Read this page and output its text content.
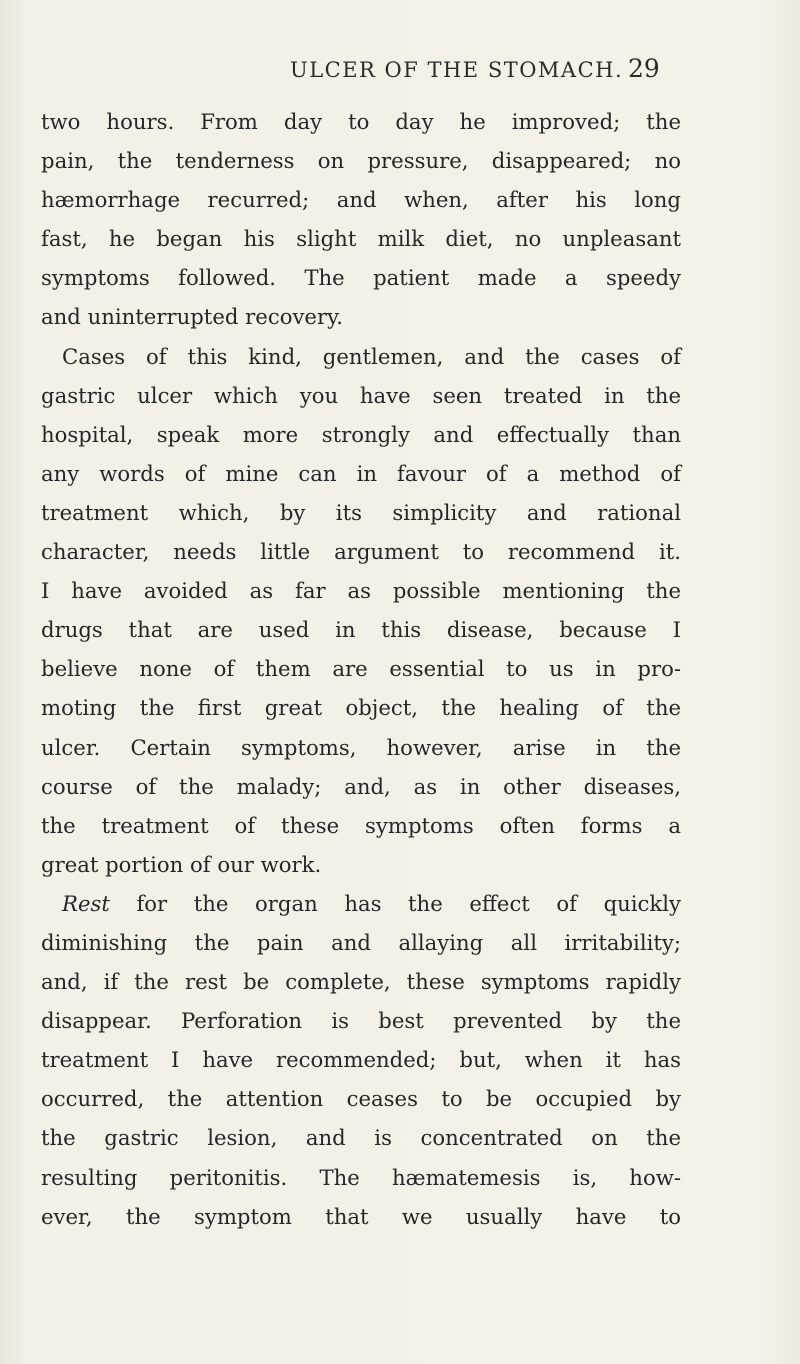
ULCER OF THE STOMACH. 29
two hours. From day to day he improved; the
pain, the tenderness on pressure, disappeared; no
hæmorrhage recurred; and when, after his long
fast, he began his slight milk diet, no unpleasant
symptoms followed. The patient made a speedy
and uninterrupted recovery.
Cases of this kind, gentlemen, and the cases of
gastric ulcer which you have seen treated in the
hospital, speak more strongly and effectually than
any words of mine can in favour of a method of
treatment which, by its simplicity and rational
character, needs little argument to recommend it.
I have avoided as far as possible mentioning the
drugs that are used in this disease, because I
believe none of them are essential to us in pro-
moting the first great object, the healing of the
ulcer. Certain symptoms, however, arise in the
course of the malady; and, as in other diseases,
the treatment of these symptoms often forms a
great portion of our work.
Rest for the organ has the effect of quickly
diminishing the pain and allaying all irritability;
and, if the rest be complete, these symptoms rapidly
disappear. Perforation is best prevented by the
treatment I have recommended; but, when it has
occurred, the attention ceases to be occupied by
the gastric lesion, and is concentrated on the
resulting peritonitis. The hæmatemesis is, how-
ever, the symptom that we usually have to
